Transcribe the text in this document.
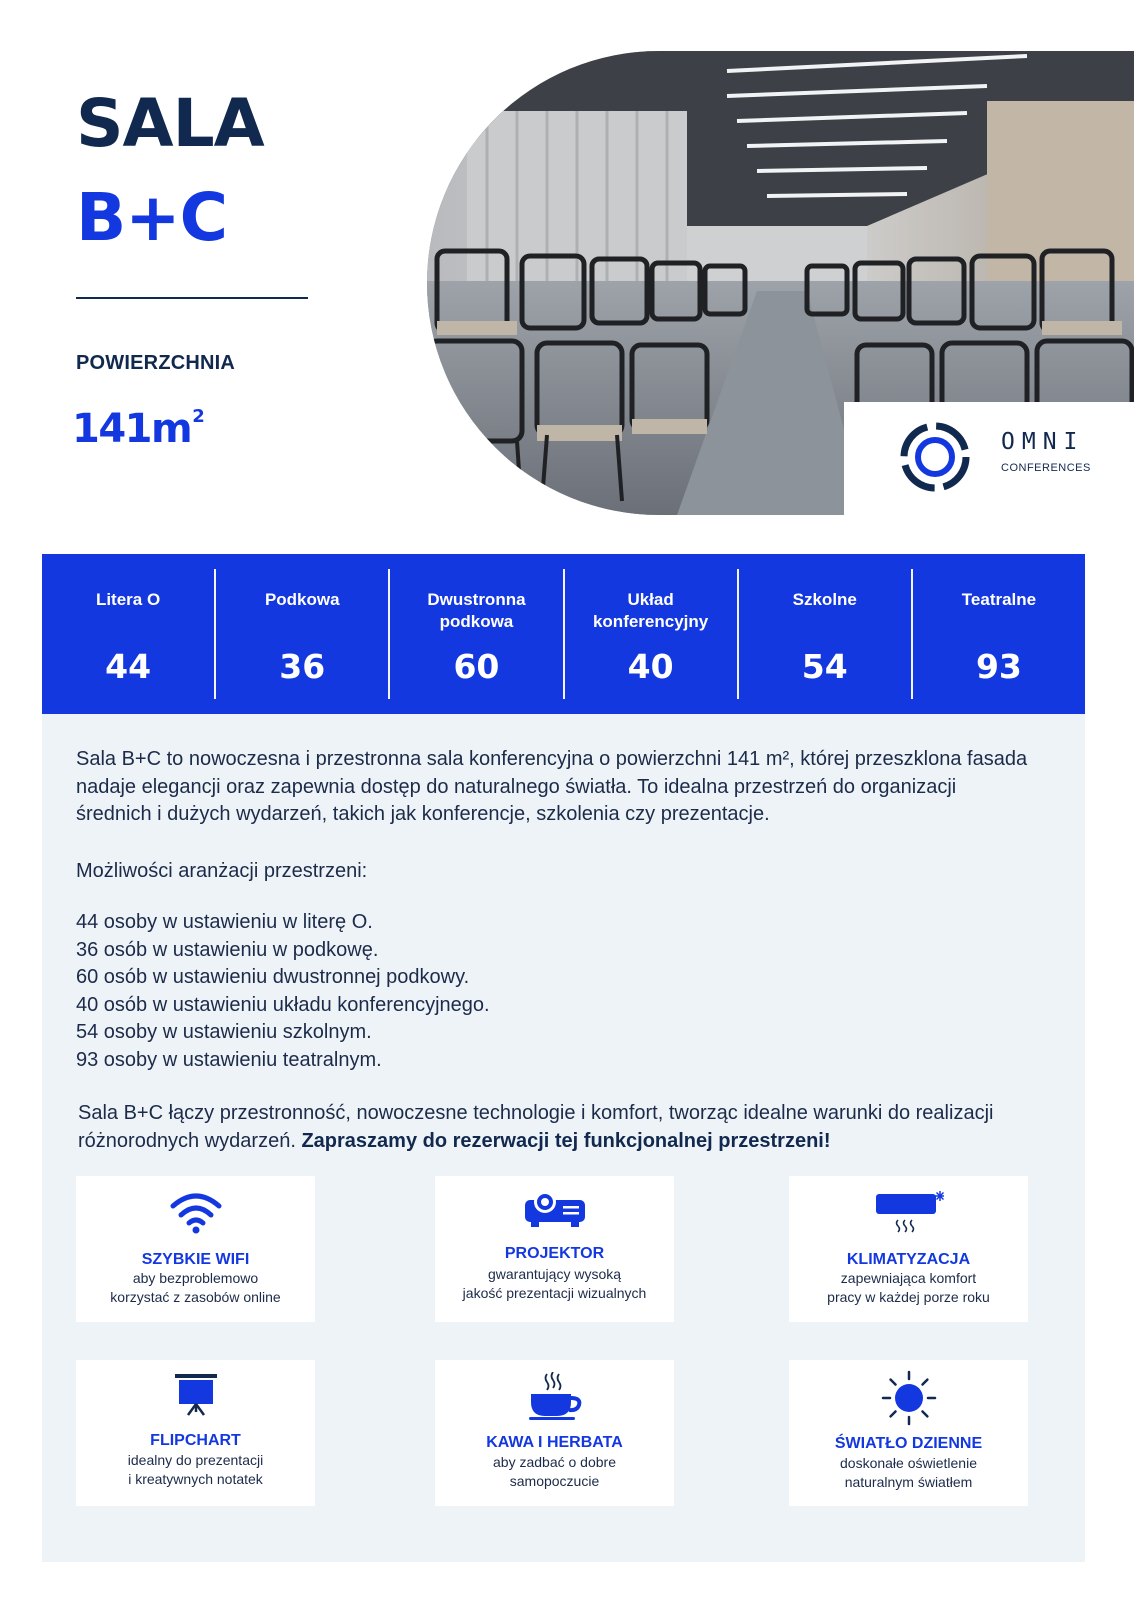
SALA
B+C
POWIERZCHNIA
$141m^2$
OMNI
CONFERENCES
Litera O
44
Podkowa
36
Dwustronna podkowa
60
Układ konferencyjny
40
Szkolne
54
Teatralne
93
Sala B+C to nowoczesna i przestronna sala konferencyjna o powierzchni 141 m², której przeszklona fasada nadaje elegancji oraz zapewnia dostęp do naturalnego światła. To idealna przestrzeń do organizacji średnich i dużych wydarzeń, takich jak konferencje, szkolenia czy prezentacje.
Możliwości aranżacji przestrzeni:
44 osoby w ustawieniu w literę O.
36 osób w ustawieniu w podkowę.
60 osób w ustawieniu dwustronnej podkowy.
40 osób w ustawieniu układu konferencyjnego.
54 osoby w ustawieniu szkolnym.
93 osoby w ustawieniu teatralnym.
Sala B+C łączy przestronność, nowoczesne technologie i komfort, tworząc idealne warunki do realizacji różnorodnych wydarzeń. Zapraszamy do rezerwacji tej funkcjonalnej przestrzeni!
SZYBKIE WIFI
aby bezproblemowo
korzystać z zasobów online
PROJEKTOR
gwarantujący wysoką
jakość prezentacji wizualnych
KLIMATYZACJA
zapewniająca komfort
pracy w każdej porze roku
FLIPCHART
idealny do prezentacji
i kreatywnych notatek
KAWA I HERBATA
aby zadbać o dobre
samopoczucie
ŚWIATŁO DZIENNE
doskonałe oświetlenie
naturalnym światłem
